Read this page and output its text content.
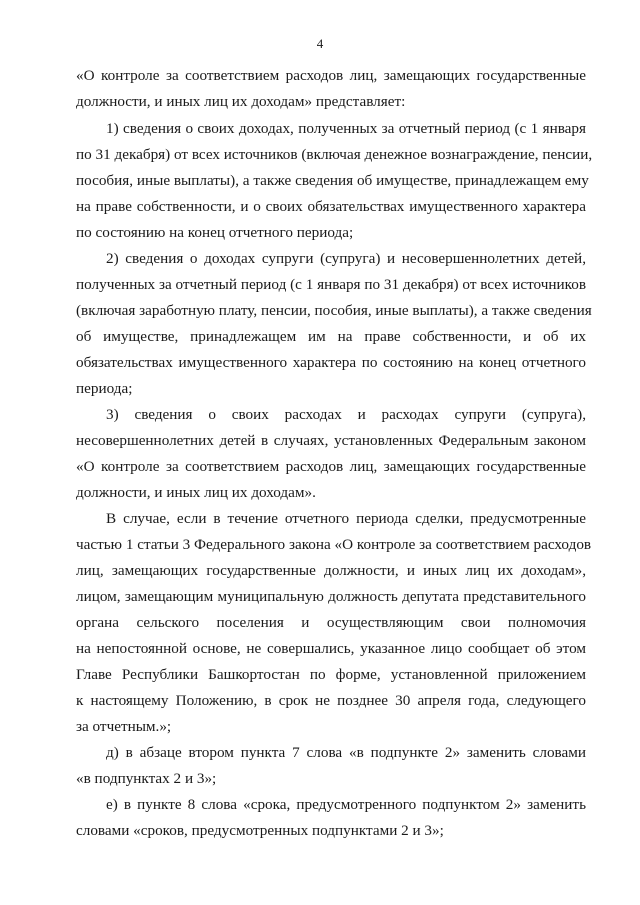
4
«О контроле за соответствием расходов лиц, замещающих государственные
должности, и иных лиц их доходам» представляет:
1) сведения о своих доходах, полученных за отчетный период (с 1 января
по 31 декабря) от всех источников (включая денежное вознаграждение, пенсии,
пособия, иные выплаты), а также сведения об имуществе, принадлежащем ему
на праве собственности, и о своих обязательствах имущественного характера
по состоянию на конец отчетного периода;
2) сведения о доходах супруги (супруга) и несовершеннолетних детей,
полученных за отчетный период (с 1 января по 31 декабря) от всех источников
(включая заработную плату, пенсии, пособия, иные выплаты), а также сведения
об имуществе, принадлежащем им на праве собственности, и об их
обязательствах имущественного характера по состоянию на конец отчетного
периода;
3) сведения о своих расходах и расходах супруги (супруга),
несовершеннолетних детей в случаях, установленных Федеральным законом
«О контроле за соответствием расходов лиц, замещающих государственные
должности, и иных лиц их доходам».
В случае, если в течение отчетного периода сделки, предусмотренные
частью 1 статьи 3 Федерального закона «О контроле за соответствием расходов
лиц, замещающих государственные должности, и иных лиц их доходам»,
лицом, замещающим муниципальную должность депутата представительного
органа сельского поселения и осуществляющим свои полномочия
на непостоянной основе, не совершались, указанное лицо сообщает об этом
Главе Республики Башкортостан по форме, установленной приложением
к настоящему Положению, в срок не позднее 30 апреля года, следующего
за отчетным.»;
д) в абзаце втором пункта 7 слова «в подпункте 2» заменить словами
«в подпунктах 2 и 3»;
е) в пункте 8 слова «срока, предусмотренного подпунктом 2» заменить
словами «сроков, предусмотренных подпунктами 2 и 3»;
